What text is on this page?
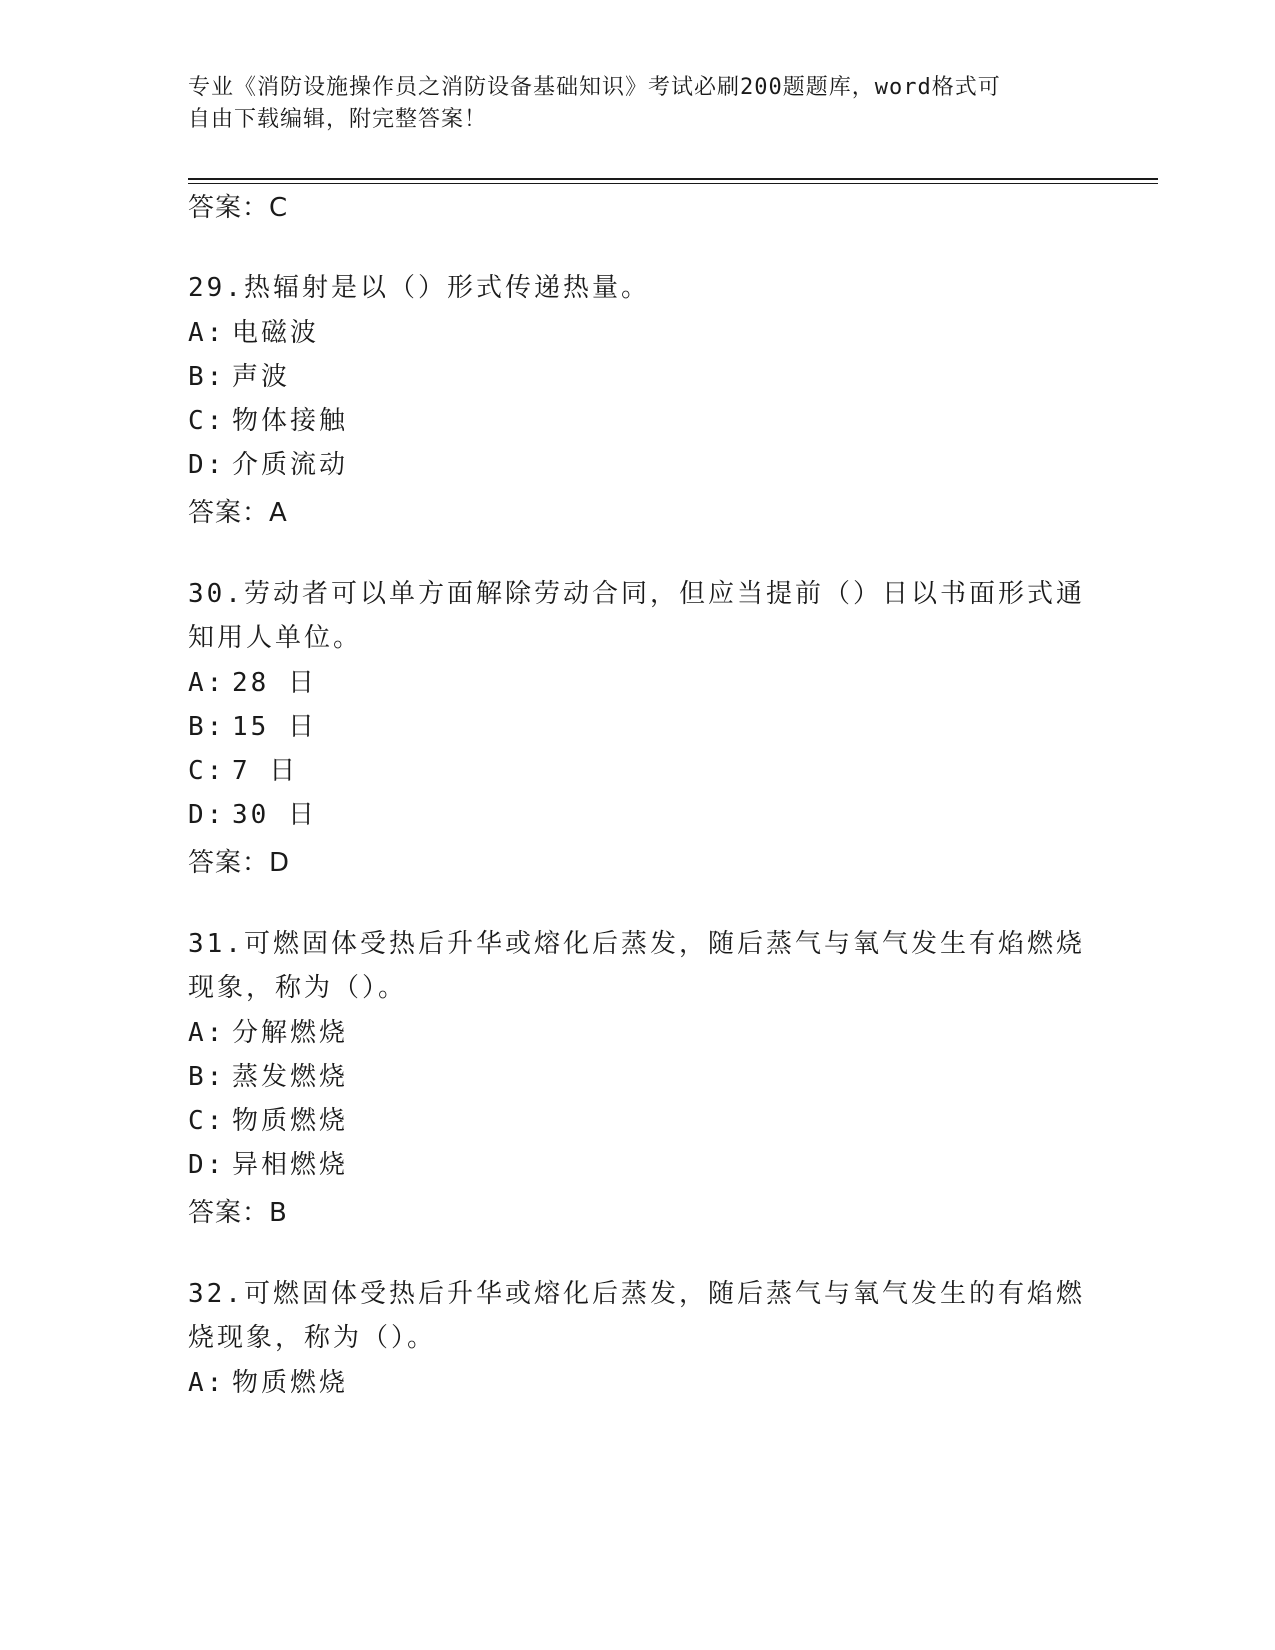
专业《消防设施操作员之消防设备基础知识》考试必刷200题题库，word格式可
自由下载编辑，附完整答案！
答案：C
29.热辐射是以（）形式传递热量。
A: 电磁波
B: 声波
C: 物体接触
D: 介质流动
答案：A
30.劳动者可以单方面解除劳动合同，但应当提前（）日以书面形式通
知用人单位。
A: 28 日
B: 15 日
C: 7 日
D: 30 日
答案：D
31.可燃固体受热后升华或熔化后蒸发，随后蒸气与氧气发生有焰燃烧
现象，称为（）。
A: 分解燃烧
B: 蒸发燃烧
C: 物质燃烧
D: 异相燃烧
答案：B
32.可燃固体受热后升华或熔化后蒸发，随后蒸气与氧气发生的有焰燃
烧现象，称为（）。
A: 物质燃烧
